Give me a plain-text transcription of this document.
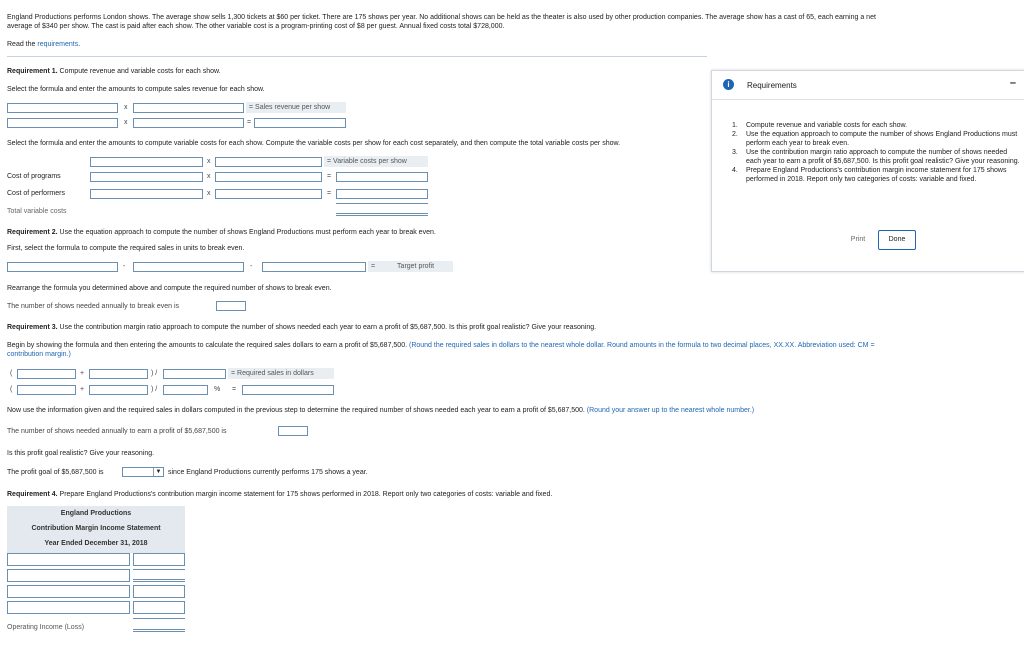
England Productions performs London shows. The average show sells 1,300 tickets at $60 per ticket. There are 175 shows per year. No additional shows can be held as the theater is also used by other production companies. The average show has a cast of 65, each earning a net
average of $340 per show. The cast is paid after each show. The other variable cost is a program-printing cost of $8 per guest. Annual fixed costs total $728,000.
Read the requirements.
Requirement 1. Compute revenue and variable costs for each show.
Select the formula and enter the amounts to compute sales revenue for each show.
x	= Sales revenue per show
x	=
Select the formula and enter the amounts to compute variable costs for each show. Compute the variable costs per show for each cost separately, and then compute the total variable costs per show.
x	= Variable costs per show
Cost of programs	x	=
Cost of performers	x	=
Total variable costs
Requirement 2. Use the equation approach to compute the number of shows England Productions must perform each year to break even.
First, select the formula to compute the required sales in units to break even.
-	-	=	Target profit
Rearrange the formula you determined above and compute the required number of shows to break even.
The number of shows needed annually to break even is
Requirement 3. Use the contribution margin ratio approach to compute the number of shows needed each year to earn a profit of $5,687,500. Is this profit goal realistic? Give your reasoning.
Begin by showing the formula and then entering the amounts to calculate the required sales dollars to earn a profit of $5,687,500. (Round the required sales in dollars to the nearest whole dollar. Round amounts in the formula to two decimal places, XX.XX. Abbreviation used: CM =
contribution margin.)
(	+	) /	= Required sales in dollars
(	+	) /	% =
Now use the information given and the required sales in dollars computed in the previous step to determine the required number of shows needed each year to earn a profit of $5,687,500. (Round your answer up to the nearest whole number.)
The number of shows needed annually to earn a profit of $5,687,500 is
Is this profit goal realistic? Give your reasoning.
The profit goal of $5,687,500 is	▼ since England Productions currently performs 175 shows a year.
Requirement 4. Prepare England Productions's contribution margin income statement for 175 shows performed in 2018. Report only two categories of costs: variable and fixed.
England Productions
Contribution Margin Income Statement
Year Ended December 31, 2018
Operating Income (Loss)
i	Requirements	–
1. Compute revenue and variable costs for each show.
2. Use the equation approach to compute the number of shows England Productions must perform each year to break even.
3. Use the contribution margin ratio approach to compute the number of shows needed each year to earn a profit of $5,687,500. Is this profit goal realistic? Give your reasoning.
4. Prepare England Productions's contribution margin income statement for 175 shows performed in 2018. Report only two categories of costs: variable and fixed.
Print	Done
